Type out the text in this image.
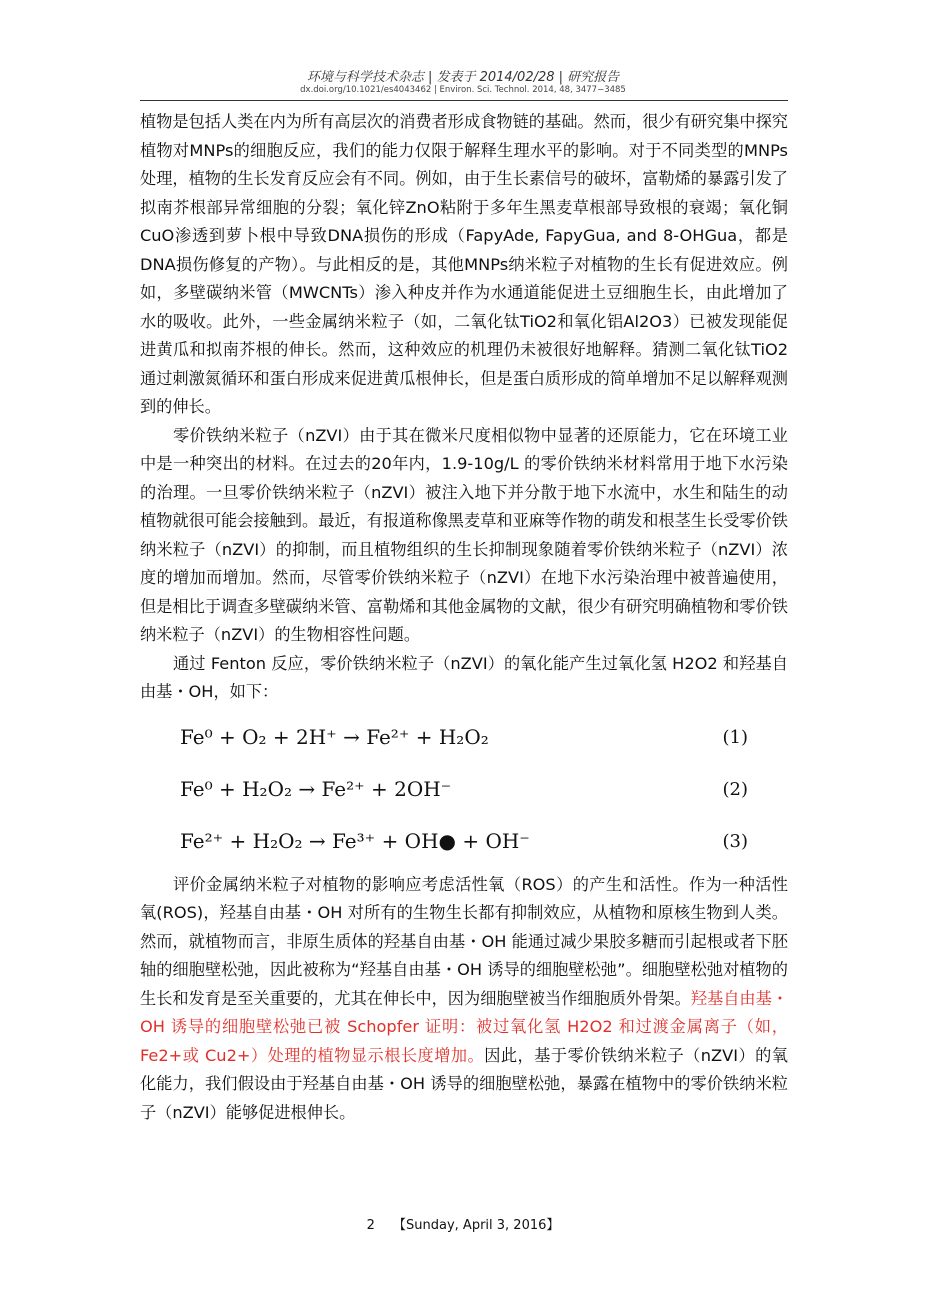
环境与科学技术杂志 | 发表于 2014/02/28 | 研究报告
dx.doi.org/10.1021/es4043462 | Environ. Sci. Technol. 2014, 48, 3477−3485

植物是包括人类在内为所有高层次的消费者形成食物链的基础。然而，很少有研究集中探究植物对MNPs的细胞反应，我们的能力仅限于解释生理水平的影响。对于不同类型的MNPs处理，植物的生长发育反应会有不同。例如，由于生长素信号的破坏，富勒烯的暴露引发了拟南芥根部异常细胞的分裂；氧化锌ZnO粘附于多年生黑麦草根部导致根的衰竭；氧化铜CuO渗透到萝卜根中导致DNA损伤的形成（FapyAde, FapyGua, and 8-OHGua，都是DNA损伤修复的产物）。与此相反的是，其他MNPs纳米粒子对植物的生长有促进效应。例如，多壁碳纳米管（MWCNTs）渗入种皮并作为水通道能促进土豆细胞生长，由此增加了水的吸收。此外，一些金属纳米粒子（如，二氧化钛TiO2和氧化铝Al2O3）已被发现能促进黄瓜和拟南芥根的伸长。然而，这种效应的机理仍未被很好地解释。猜测二氧化钛TiO2通过刺激氮循环和蛋白形成来促进黄瓜根伸长，但是蛋白质形成的简单增加不足以解释观测到的伸长。

零价铁纳米粒子（nZVI）由于其在微米尺度相似物中显著的还原能力，它在环境工业中是一种突出的材料。在过去的20年内，1.9-10g/L 的零价铁纳米材料常用于地下水污染的治理。一旦零价铁纳米粒子（nZVI）被注入地下并分散于地下水流中，水生和陆生的动植物就很可能会接触到。最近，有报道称像黑麦草和亚麻等作物的萌发和根茎生长受零价铁纳米粒子（nZVI）的抑制，而且植物组织的生长抑制现象随着零价铁纳米粒子（nZVI）浓度的增加而增加。然而，尽管零价铁纳米粒子（nZVI）在地下水污染治理中被普遍使用，但是相比于调查多壁碳纳米管、富勒烯和其他金属物的文献，很少有研究明确植物和零价铁纳米粒子（nZVI）的生物相容性问题。

通过 Fenton 反应，零价铁纳米粒子（nZVI）的氧化能产生过氧化氢 H2O2 和羟基自由基・OH，如下：

Fe⁰ + O₂ + 2H⁺ → Fe²⁺ + H₂O₂	(1)
Fe⁰ + H₂O₂ → Fe²⁺ + 2OH⁻	(2)
Fe²⁺ + H₂O₂ → Fe³⁺ + OH● + OH⁻	(3)

评价金属纳米粒子对植物的影响应考虑活性氧（ROS）的产生和活性。作为一种活性氧(ROS)，羟基自由基・OH 对所有的生物生长都有抑制效应，从植物和原核生物到人类。然而，就植物而言，非原生质体的羟基自由基・OH 能通过减少果胶多糖而引起根或者下胚轴的细胞壁松弛，因此被称为“羟基自由基・OH 诱导的细胞壁松弛”。细胞壁松弛对植物的生长和发育是至关重要的，尤其在伸长中，因为细胞壁被当作细胞质外骨架。羟基自由基・OH 诱导的细胞壁松弛已被 Schopfer 证明：被过氧化氢 H2O2 和过渡金属离子（如，Fe2+或 Cu2+）处理的植物显示根长度增加。因此，基于零价铁纳米粒子（nZVI）的氧化能力，我们假设由于羟基自由基・OH 诱导的细胞壁松弛，暴露在植物中的零价铁纳米粒子（nZVI）能够促进根伸长。

2 【Sunday, April 3, 2016】
